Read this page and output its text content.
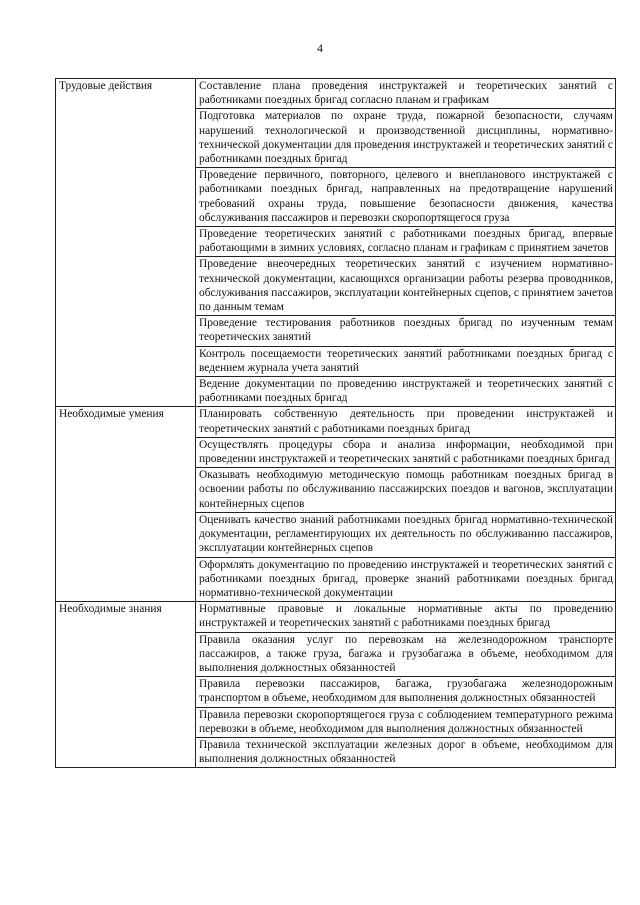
4
Трудовые действия	Составление плана проведения инструктажей и теоретических занятий с работниками поездных бригад согласно планам и графикам
	Подготовка материалов по охране труда, пожарной безопасности, случаям нарушений технологической и производственной дисциплины, нормативно-технической документации для проведения инструктажей и теоретических занятий с работниками поездных бригад
	Проведение первичного, повторного, целевого и внепланового инструктажей с работниками поездных бригад, направленных на предотвращение нарушений требований охраны труда, повышение безопасности движения, качества обслуживания пассажиров и перевозки скоропортящегося груза
	Проведение теоретических занятий с работниками поездных бригад, впервые работающими в зимних условиях, согласно планам и графикам с принятием зачетов
	Проведение внеочередных теоретических занятий с изучением нормативно-технической документации, касающихся организации работы резерва проводников, обслуживания пассажиров, эксплуатации контейнерных сцепов, с принятием зачетов по данным темам
	Проведение тестирования работников поездных бригад по изученным темам теоретических занятий
	Контроль посещаемости теоретических занятий работниками поездных бригад с ведением журнала учета занятий
	Ведение документации по проведению инструктажей и теоретических занятий с работниками поездных бригад
Необходимые умения	Планировать собственную деятельность при проведении инструктажей и теоретических занятий с работниками поездных бригад
	Осуществлять процедуры сбора и анализа информации, необходимой при проведении инструктажей и теоретических занятий с работниками поездных бригад
	Оказывать необходимую методическую помощь работникам поездных бригад в освоении работы по обслуживанию пассажирских поездов и вагонов, эксплуатации контейнерных сцепов
	Оценивать качество знаний работниками поездных бригад нормативно-технической документации, регламентирующих их деятельность по обслуживанию пассажиров, эксплуатации контейнерных сцепов
	Оформлять документацию по проведению инструктажей и теоретических занятий с работниками поездных бригад, проверке знаний работниками поездных бригад нормативно-технической документации
Необходимые знания	Нормативные правовые и локальные нормативные акты по проведению инструктажей и теоретических занятий с работниками поездных бригад
	Правила оказания услуг по перевозкам на железнодорожном транспорте пассажиров, а также груза, багажа и грузобагажа в объеме, необходимом для выполнения должностных обязанностей
	Правила перевозки пассажиров, багажа, грузобагажа железнодорожным транспортом в объеме, необходимом для выполнения должностных обязанностей
	Правила перевозки скоропортящегося груза с соблюдением температурного режима перевозки в объеме, необходимом для выполнения должностных обязанностей
	Правила технической эксплуатации железных дорог в объеме, необходимом для выполнения должностных обязанностей
